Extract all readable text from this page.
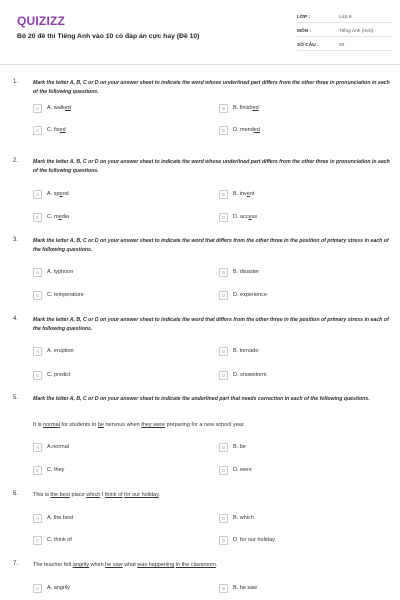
QUIZIZZ
Bộ 20 đề thi Tiếng Anh vào 10 có đáp án cực hay (Đề 10)
LỚP :	Lớp 9
MÔN :	Tiếng Anh (mới)
SỐ CÂU :	40
1.	Mark the letter A, B, C or D on your answer sheet to indicate the word whose underlined part differs from the other three in pronunciation in each of the following questions.
A	A. walked	B	B. finished
C	C. fixed	D	D. mended
2.	Mark the letter A, B, C or D on your answer sheet to indicate the word whose underlined part differs from the other three in pronunciation in each of the following questions.
A	A. spend	B	B. invent
C	C. media	D	D. access
3.	Mark the letter A, B, C or D on your answer sheet to indicate the word that differs from the other three in the position of primary stress in each of the following questions.
A	A. typhoon	B	B. disaster
C	C. temperature	D	D. experience
4.	Mark the letter A, B, C or D on your answer sheet to indicate the word that differs from the other three in the position of primary stress in each of the following questions.
A	A. eruption	B	B. tornado
C	C. predict	D	D. snowstorm
5.	Mark the letter A, B, C or D on your answer sheet to indicate the underlined part that needs correction in each of the following questions.
It is normal for students to be nervous when they were preparing for a new school year.
A	A.normal	B	B. be
C	C. they	D	D. were
6.	This is the best place which I think of for our holiday.
A	A. the best	B	B. which
C	C. think of	D	D. for our holiday
7.	The teacher felt angrily when he saw what was happening in the classroom.
A	A. angrily	B	B. he saw
